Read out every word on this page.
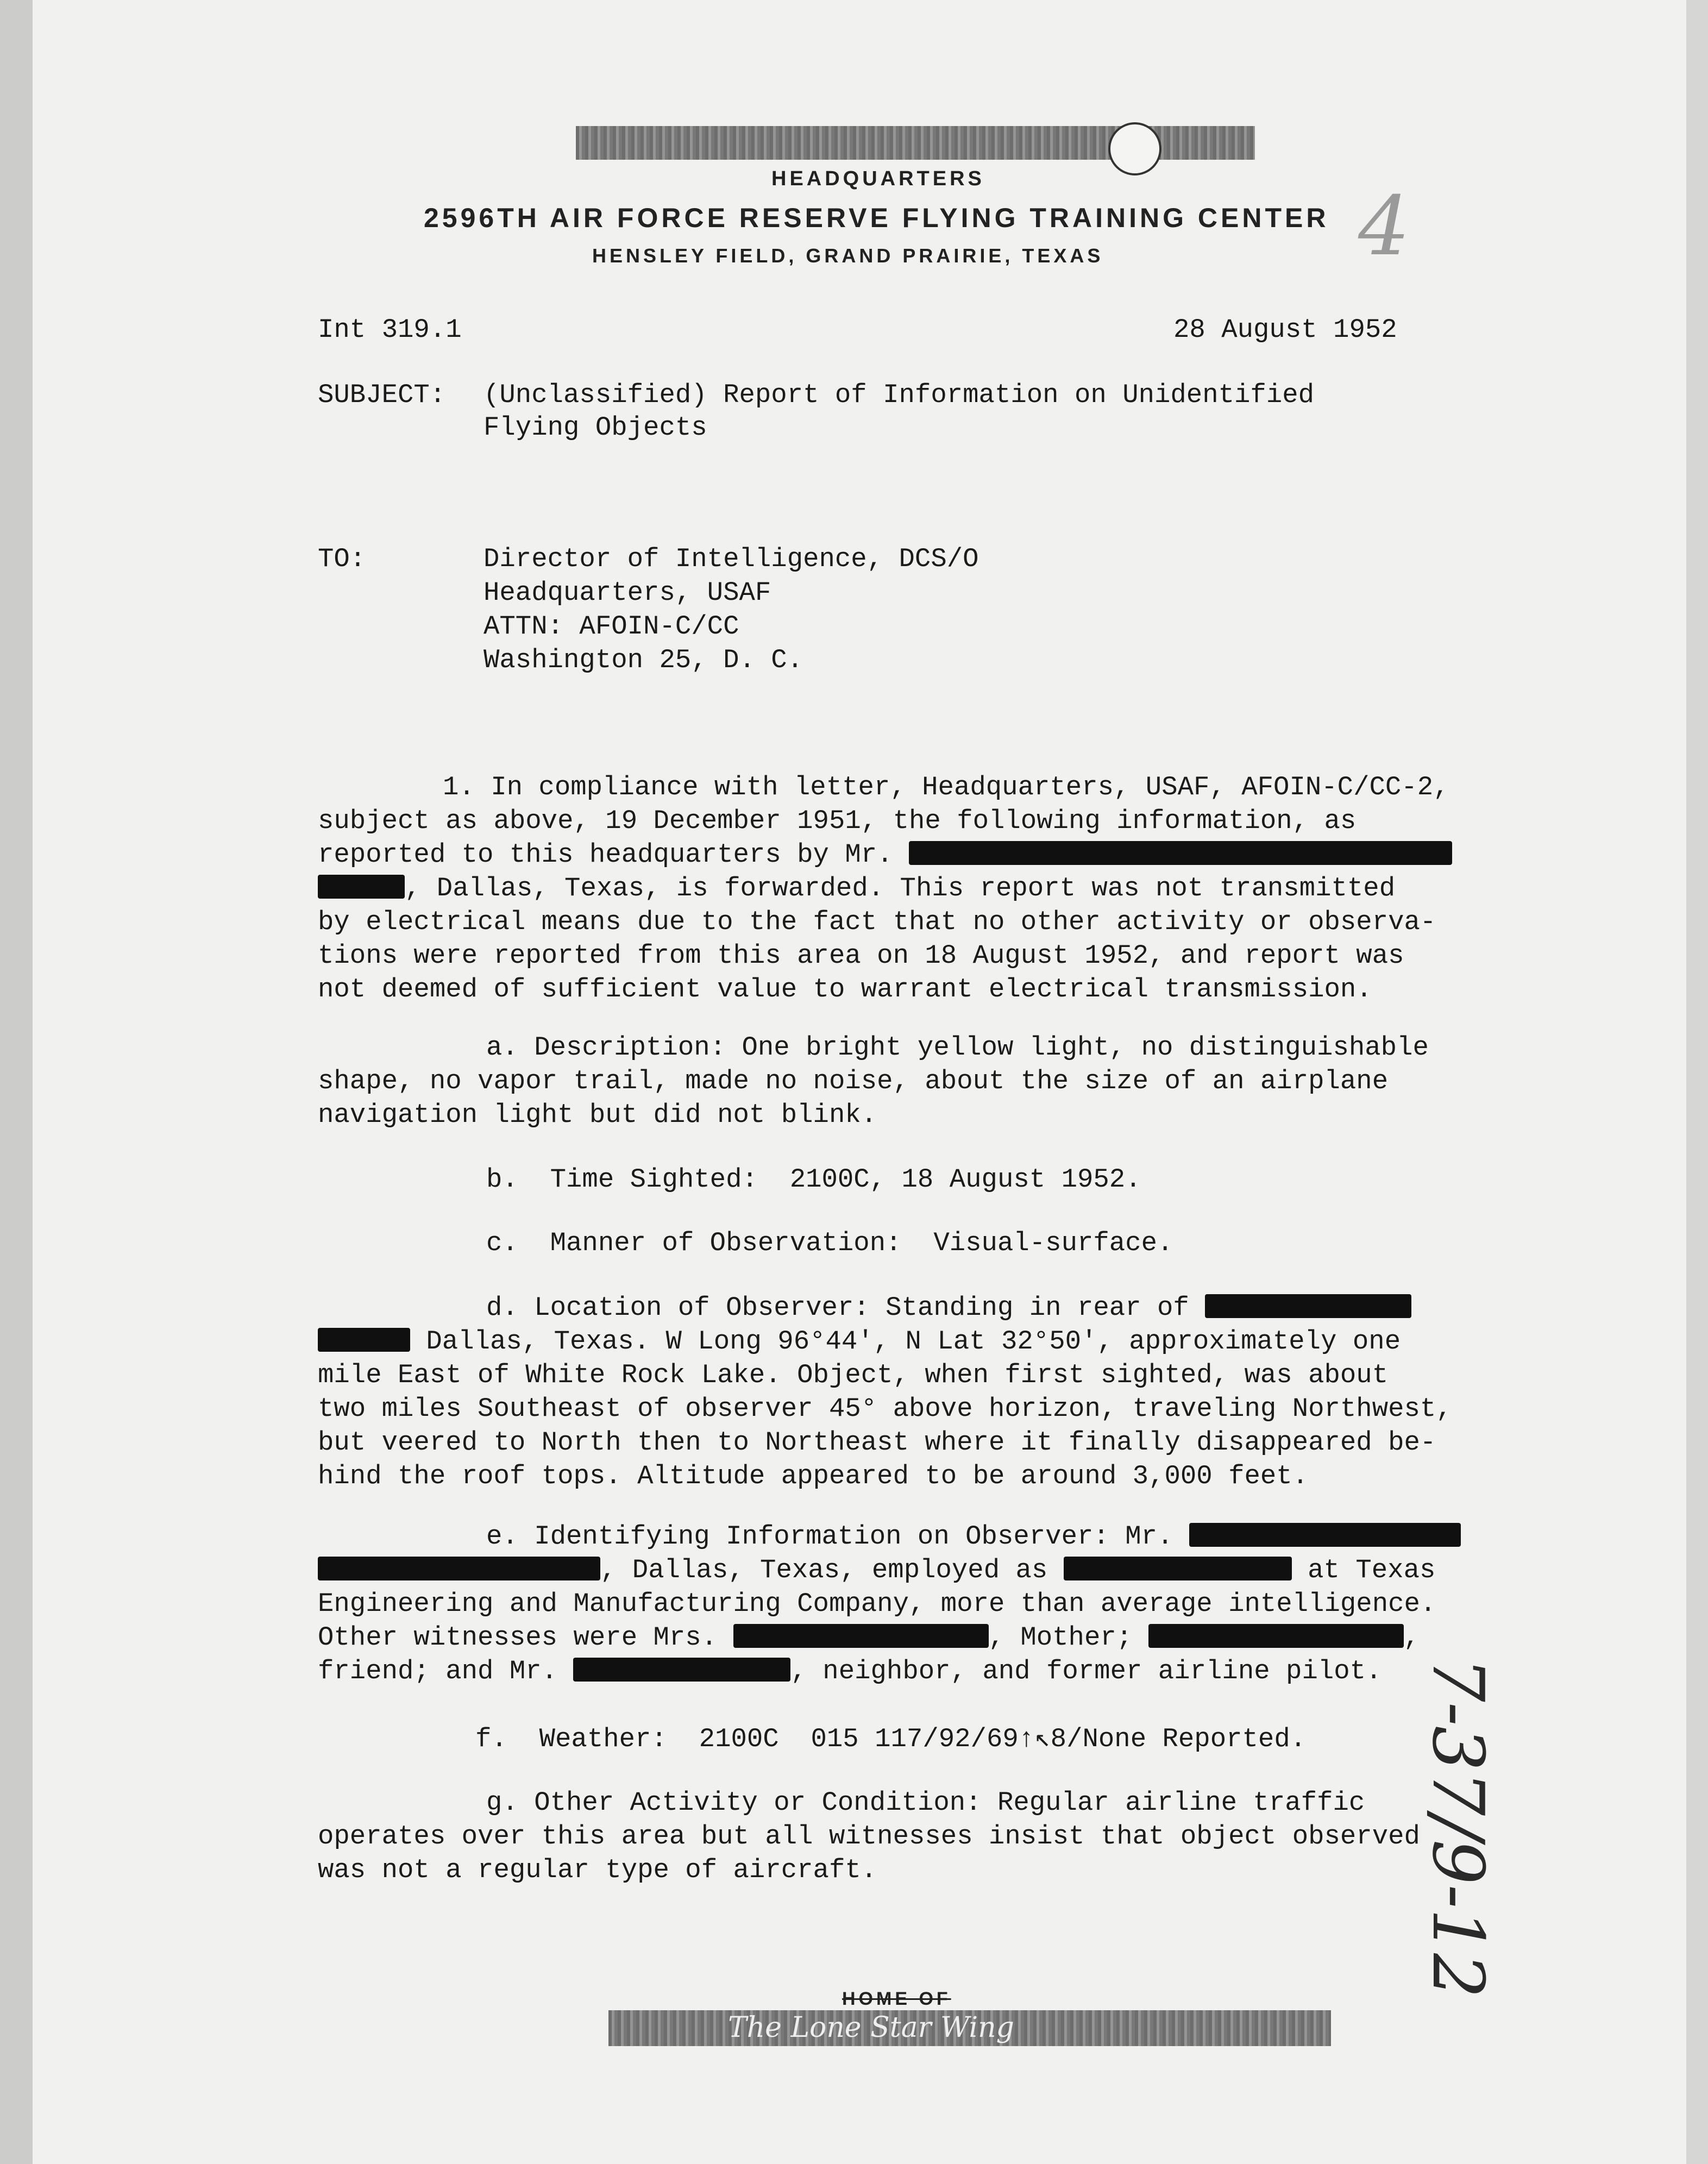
HEADQUARTERS
2596TH AIR FORCE RESERVE FLYING TRAINING CENTER
HENSLEY FIELD, GRAND PRAIRIE, TEXAS
Int 319.1	28 August 1952
SUBJECT: (Unclassified) Report of Information on Unidentified
Flying Objects
TO:	Director of Intelligence, DCS/O
Headquarters, USAF
ATTN: AFOIN-C/CC
Washington 25, D. C.
1. In compliance with letter, Headquarters, USAF, AFOIN-C/CC-2,
subject as above, 19 December 1951, the following information, as
reported to this headquarters by Mr.
, Dallas, Texas, is forwarded. This report was not transmitted
by electrical means due to the fact that no other activity or observa-
tions were reported from this area on 18 August 1952, and report was
not deemed of sufficient value to warrant electrical transmission.
a. Description: One bright yellow light, no distinguishable
shape, no vapor trail, made no noise, about the size of an airplane
navigation light but did not blink.
b.  Time Sighted:  2100C, 18 August 1952.
c.  Manner of Observation:  Visual-surface.
d. Location of Observer: Standing in rear of
Dallas, Texas. W Long 96°44', N Lat 32°50', approximately one
mile East of White Rock Lake. Object, when first sighted, was about
two miles Southeast of observer 45° above horizon, traveling Northwest,
but veered to North then to Northeast where it finally disappeared be-
hind the roof tops. Altitude appeared to be around 3,000 feet.
e. Identifying Information on Observer: Mr.
, Dallas, Texas, employed as	at Texas
Engineering and Manufacturing Company, more than average intelligence.
Other witnesses were Mrs.	, Mother;	,
friend; and Mr.	, neighbor, and former airline pilot.
f.  Weather:  2100C  015 117/92/69↑↖8/None Reported.
g. Other Activity or Condition: Regular airline traffic
operates over this area but all witnesses insist that object observed
was not a regular type of aircraft.
HOME OF
The Lone Star Wing
7-37/9-12
4
